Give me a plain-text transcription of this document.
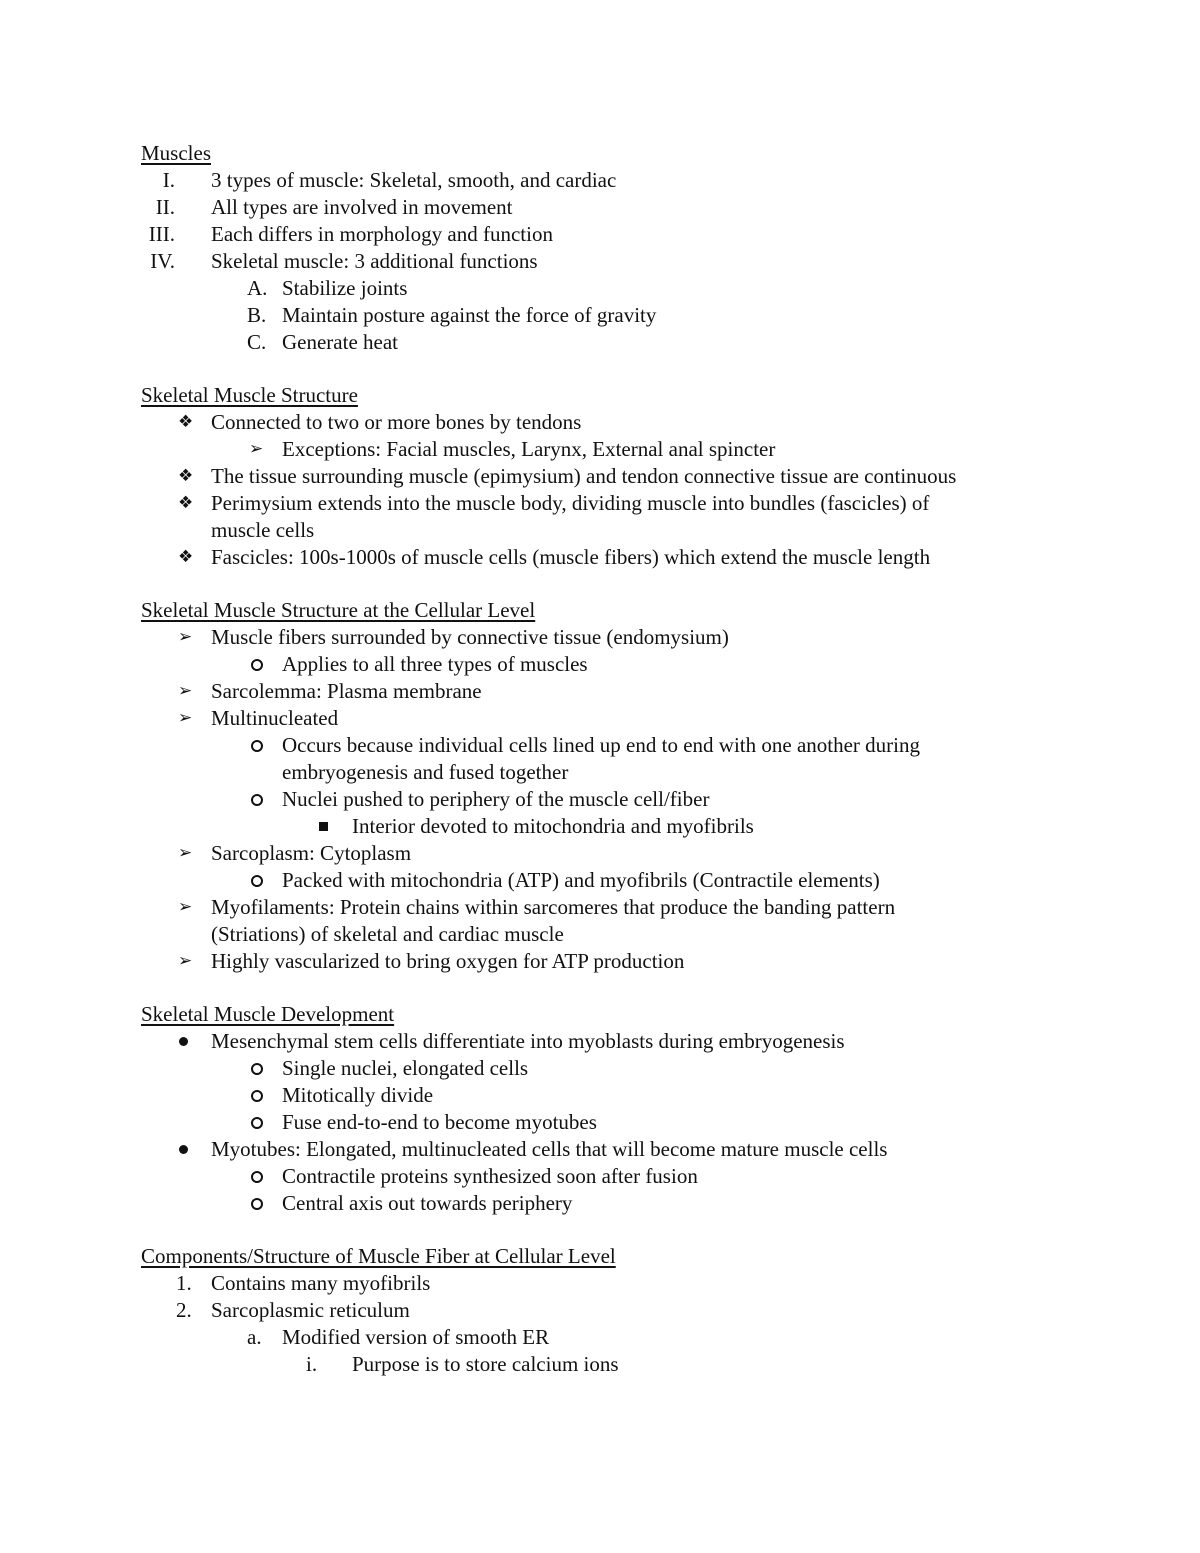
Muscles
I. 3 types of muscle: Skeletal, smooth, and cardiac
II. All types are involved in movement
III. Each differs in morphology and function
IV. Skeletal muscle: 3 additional functions
A. Stabilize joints
B. Maintain posture against the force of gravity
C. Generate heat
Skeletal Muscle Structure
❖ Connected to two or more bones by tendons
➢ Exceptions: Facial muscles, Larynx, External anal spincter
❖ The tissue surrounding muscle (epimysium) and tendon connective tissue are continuous
❖ Perimysium extends into the muscle body, dividing muscle into bundles (fascicles) of
muscle cells
❖ Fascicles: 100s-1000s of muscle cells (muscle fibers) which extend the muscle length
Skeletal Muscle Structure at the Cellular Level
➢ Muscle fibers surrounded by connective tissue (endomysium)
Applies to all three types of muscles
➢ Sarcolemma: Plasma membrane
➢ Multinucleated
Occurs because individual cells lined up end to end with one another during
embryogenesis and fused together
Nuclei pushed to periphery of the muscle cell/fiber
Interior devoted to mitochondria and myofibrils
➢ Sarcoplasm: Cytoplasm
Packed with mitochondria (ATP) and myofibrils (Contractile elements)
➢ Myofilaments: Protein chains within sarcomeres that produce the banding pattern
(Striations) of skeletal and cardiac muscle
➢ Highly vascularized to bring oxygen for ATP production
Skeletal Muscle Development
Mesenchymal stem cells differentiate into myoblasts during embryogenesis
Single nuclei, elongated cells
Mitotically divide
Fuse end-to-end to become myotubes
Myotubes: Elongated, multinucleated cells that will become mature muscle cells
Contractile proteins synthesized soon after fusion
Central axis out towards periphery
Components/Structure of Muscle Fiber at Cellular Level
1. Contains many myofibrils
2. Sarcoplasmic reticulum
a. Modified version of smooth ER
i. Purpose is to store calcium ions
